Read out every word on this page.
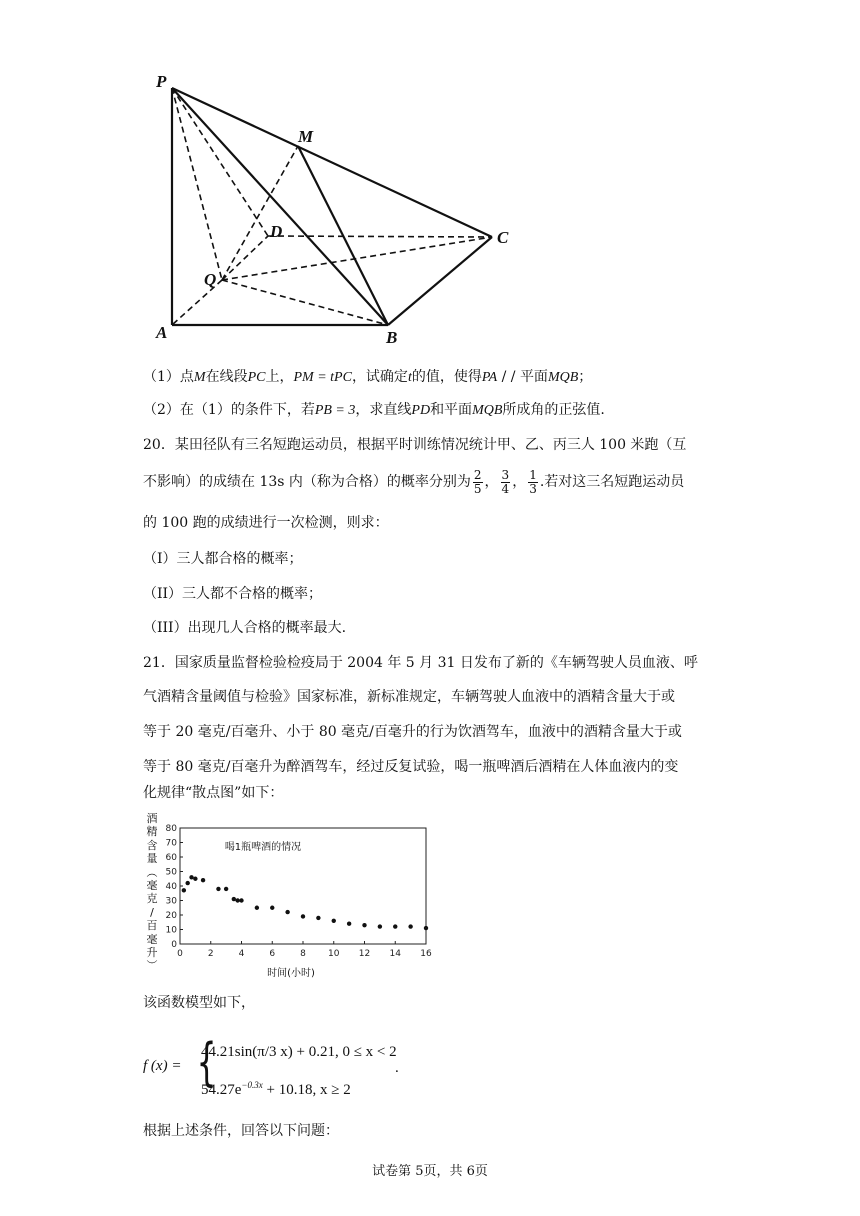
P
M
D	C
Q
A	B
（1）点M在线段PC上，PM = tPC，试确定t的值，使得PA / / 平面MQB；
（2）在（1）的条件下，若PB = 3，求直线PD和平面MQB所成角的正弦值.
20．某田径队有三名短跑运动员，根据平时训练情况统计甲、乙、丙三人 100 米跑（互
不影响）的成绩在 13s 内（称为合格）的概率分别为 $\frac{2}{5}$ ， $\frac{3}{4}$ ， $\frac{1}{3}$ .若对这三名短跑运动员
的 100 跑的成绩进行一次检测，则求：
（I）三人都合格的概率；
（II）三人都不合格的概率；
（III）出现几人合格的概率最大.
21．国家质量监督检验检疫局于 2004 年 5 月 31 日发布了新的《车辆驾驶人员血液、呼
气酒精含量阈值与检验》国家标准，新标准规定，车辆驾驶人血液中的酒精含量大于或
等于 20 毫克/百毫升、小于 80 毫克/百毫升的行为饮酒驾车，血液中的酒精含量大于或
等于 80 毫克/百毫升为醉酒驾车，经过反复试验，喝一瓶啤酒后酒精在人体血液内的变
化规律“散点图”如下：
酒
精
含
量
︵
毫
克
/
百
毫
升
︶
0
10
20
30
40
50
60
70
80
0	2	4	6	8 10 12 14 16
喝1瓶啤酒的情况
时间(小时)
该函数模型如下，
f (x) = {
44.21sin(π/3 x) + 0.21, 0 ≤ x < 2
$54.27e^{-0.3x} + 10.18$, x ≥ 2
.
根据上述条件，回答以下问题：
试卷第 5页，共 6页
